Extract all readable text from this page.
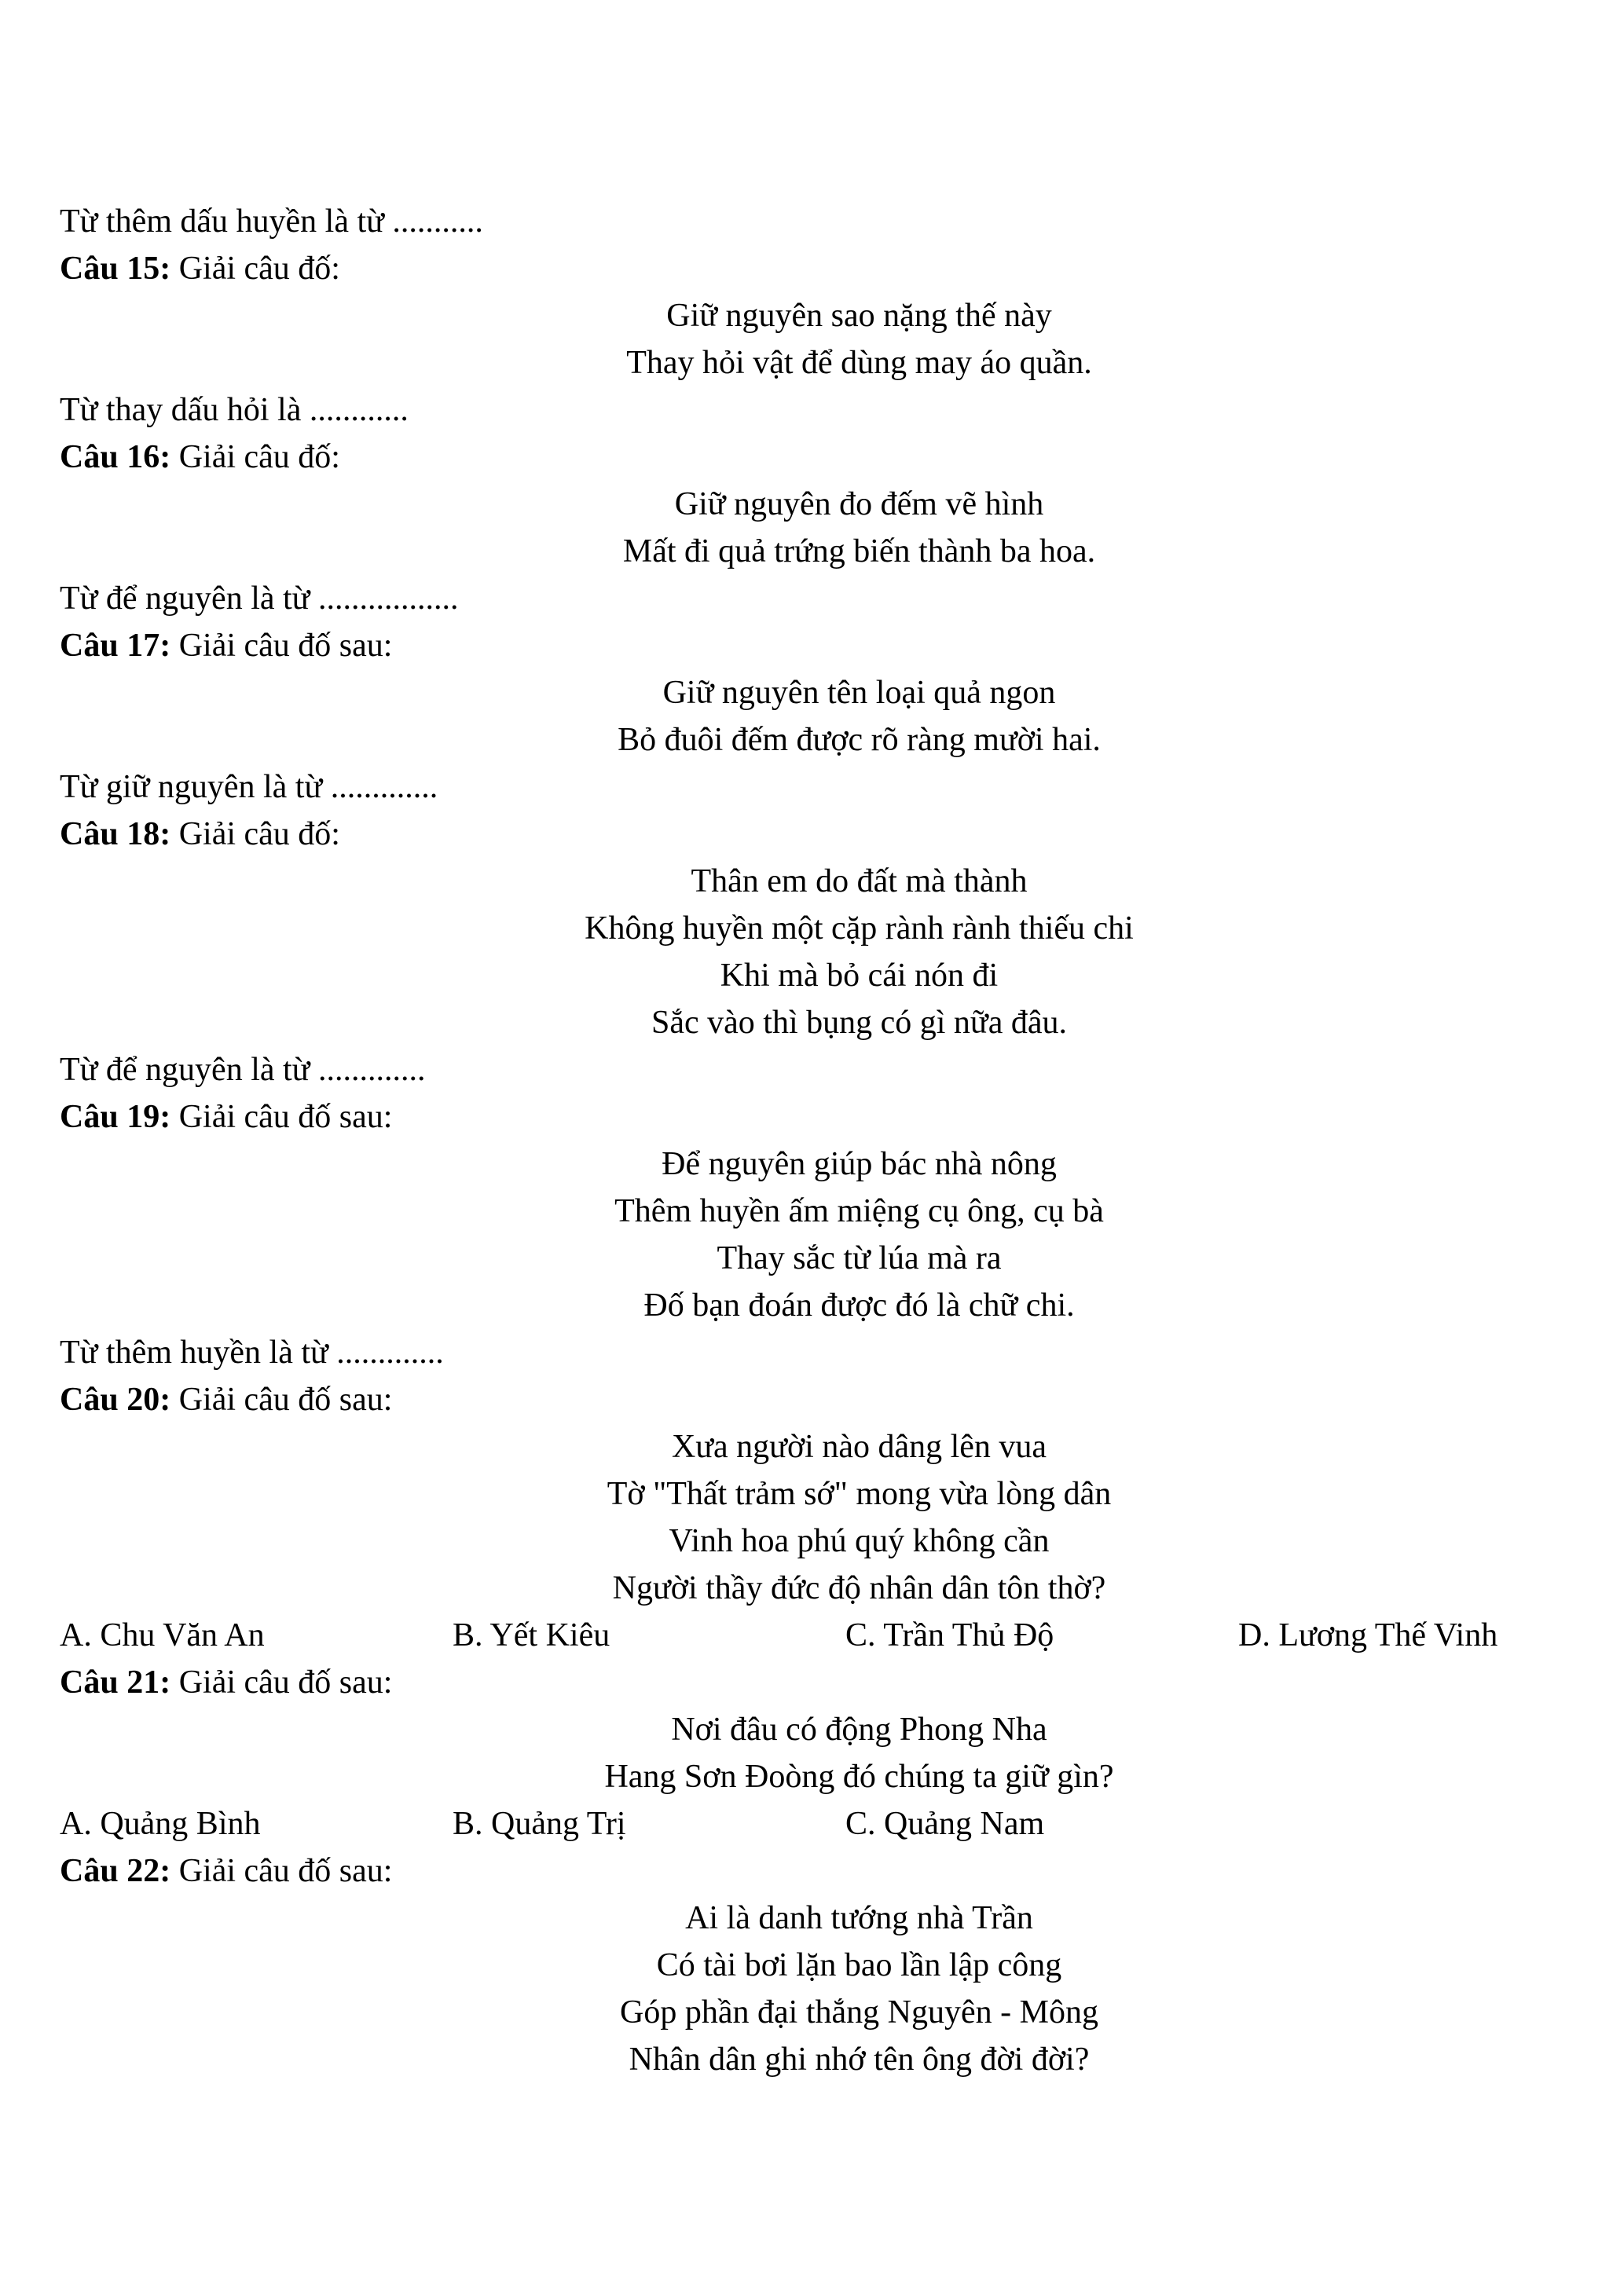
Từ thêm dấu huyền là từ ...........
Câu 15: Giải câu đố:
Giữ nguyên sao nặng thế này
Thay hỏi vật để dùng may áo quần.
Từ thay dấu hỏi là ............
Câu 16: Giải câu đố:
Giữ nguyên đo đếm vẽ hình
Mất đi quả trứng biến thành ba hoa.
Từ để nguyên là từ .................
Câu 17: Giải câu đố sau:
Giữ nguyên tên loại quả ngon
Bỏ đuôi đếm được rõ ràng mười hai.
Từ giữ nguyên là từ .............
Câu 18: Giải câu đố:
Thân em do đất mà thành
Không huyền một cặp rành rành thiếu chi
Khi mà bỏ cái nón đi
Sắc vào thì bụng có gì nữa đâu.
Từ để nguyên là từ .............
Câu 19: Giải câu đố sau:
Để nguyên giúp bác nhà nông
Thêm huyền ấm miệng cụ ông, cụ bà
Thay sắc từ lúa mà ra
Đố bạn đoán được đó là chữ chi.
Từ thêm huyền là từ .............
Câu 20: Giải câu đố sau:
Xưa người nào dâng lên vua
Tờ "Thất trảm sớ" mong vừa lòng dân
Vinh hoa phú quý không cần
Người thầy đức độ nhân dân tôn thờ?
A. Chu Văn An	B. Yết Kiêu	C. Trần Thủ Độ	D. Lương Thế Vinh
Câu 21: Giải câu đố sau:
Nơi đâu có động Phong Nha
Hang Sơn Đoòng đó chúng ta giữ gìn?
A. Quảng Bình	B. Quảng Trị	C. Quảng Nam
Câu 22: Giải câu đố sau:
Ai là danh tướng nhà Trần
Có tài bơi lặn bao lần lập công
Góp phần đại thắng Nguyên - Mông
Nhân dân ghi nhớ tên ông đời đời?
